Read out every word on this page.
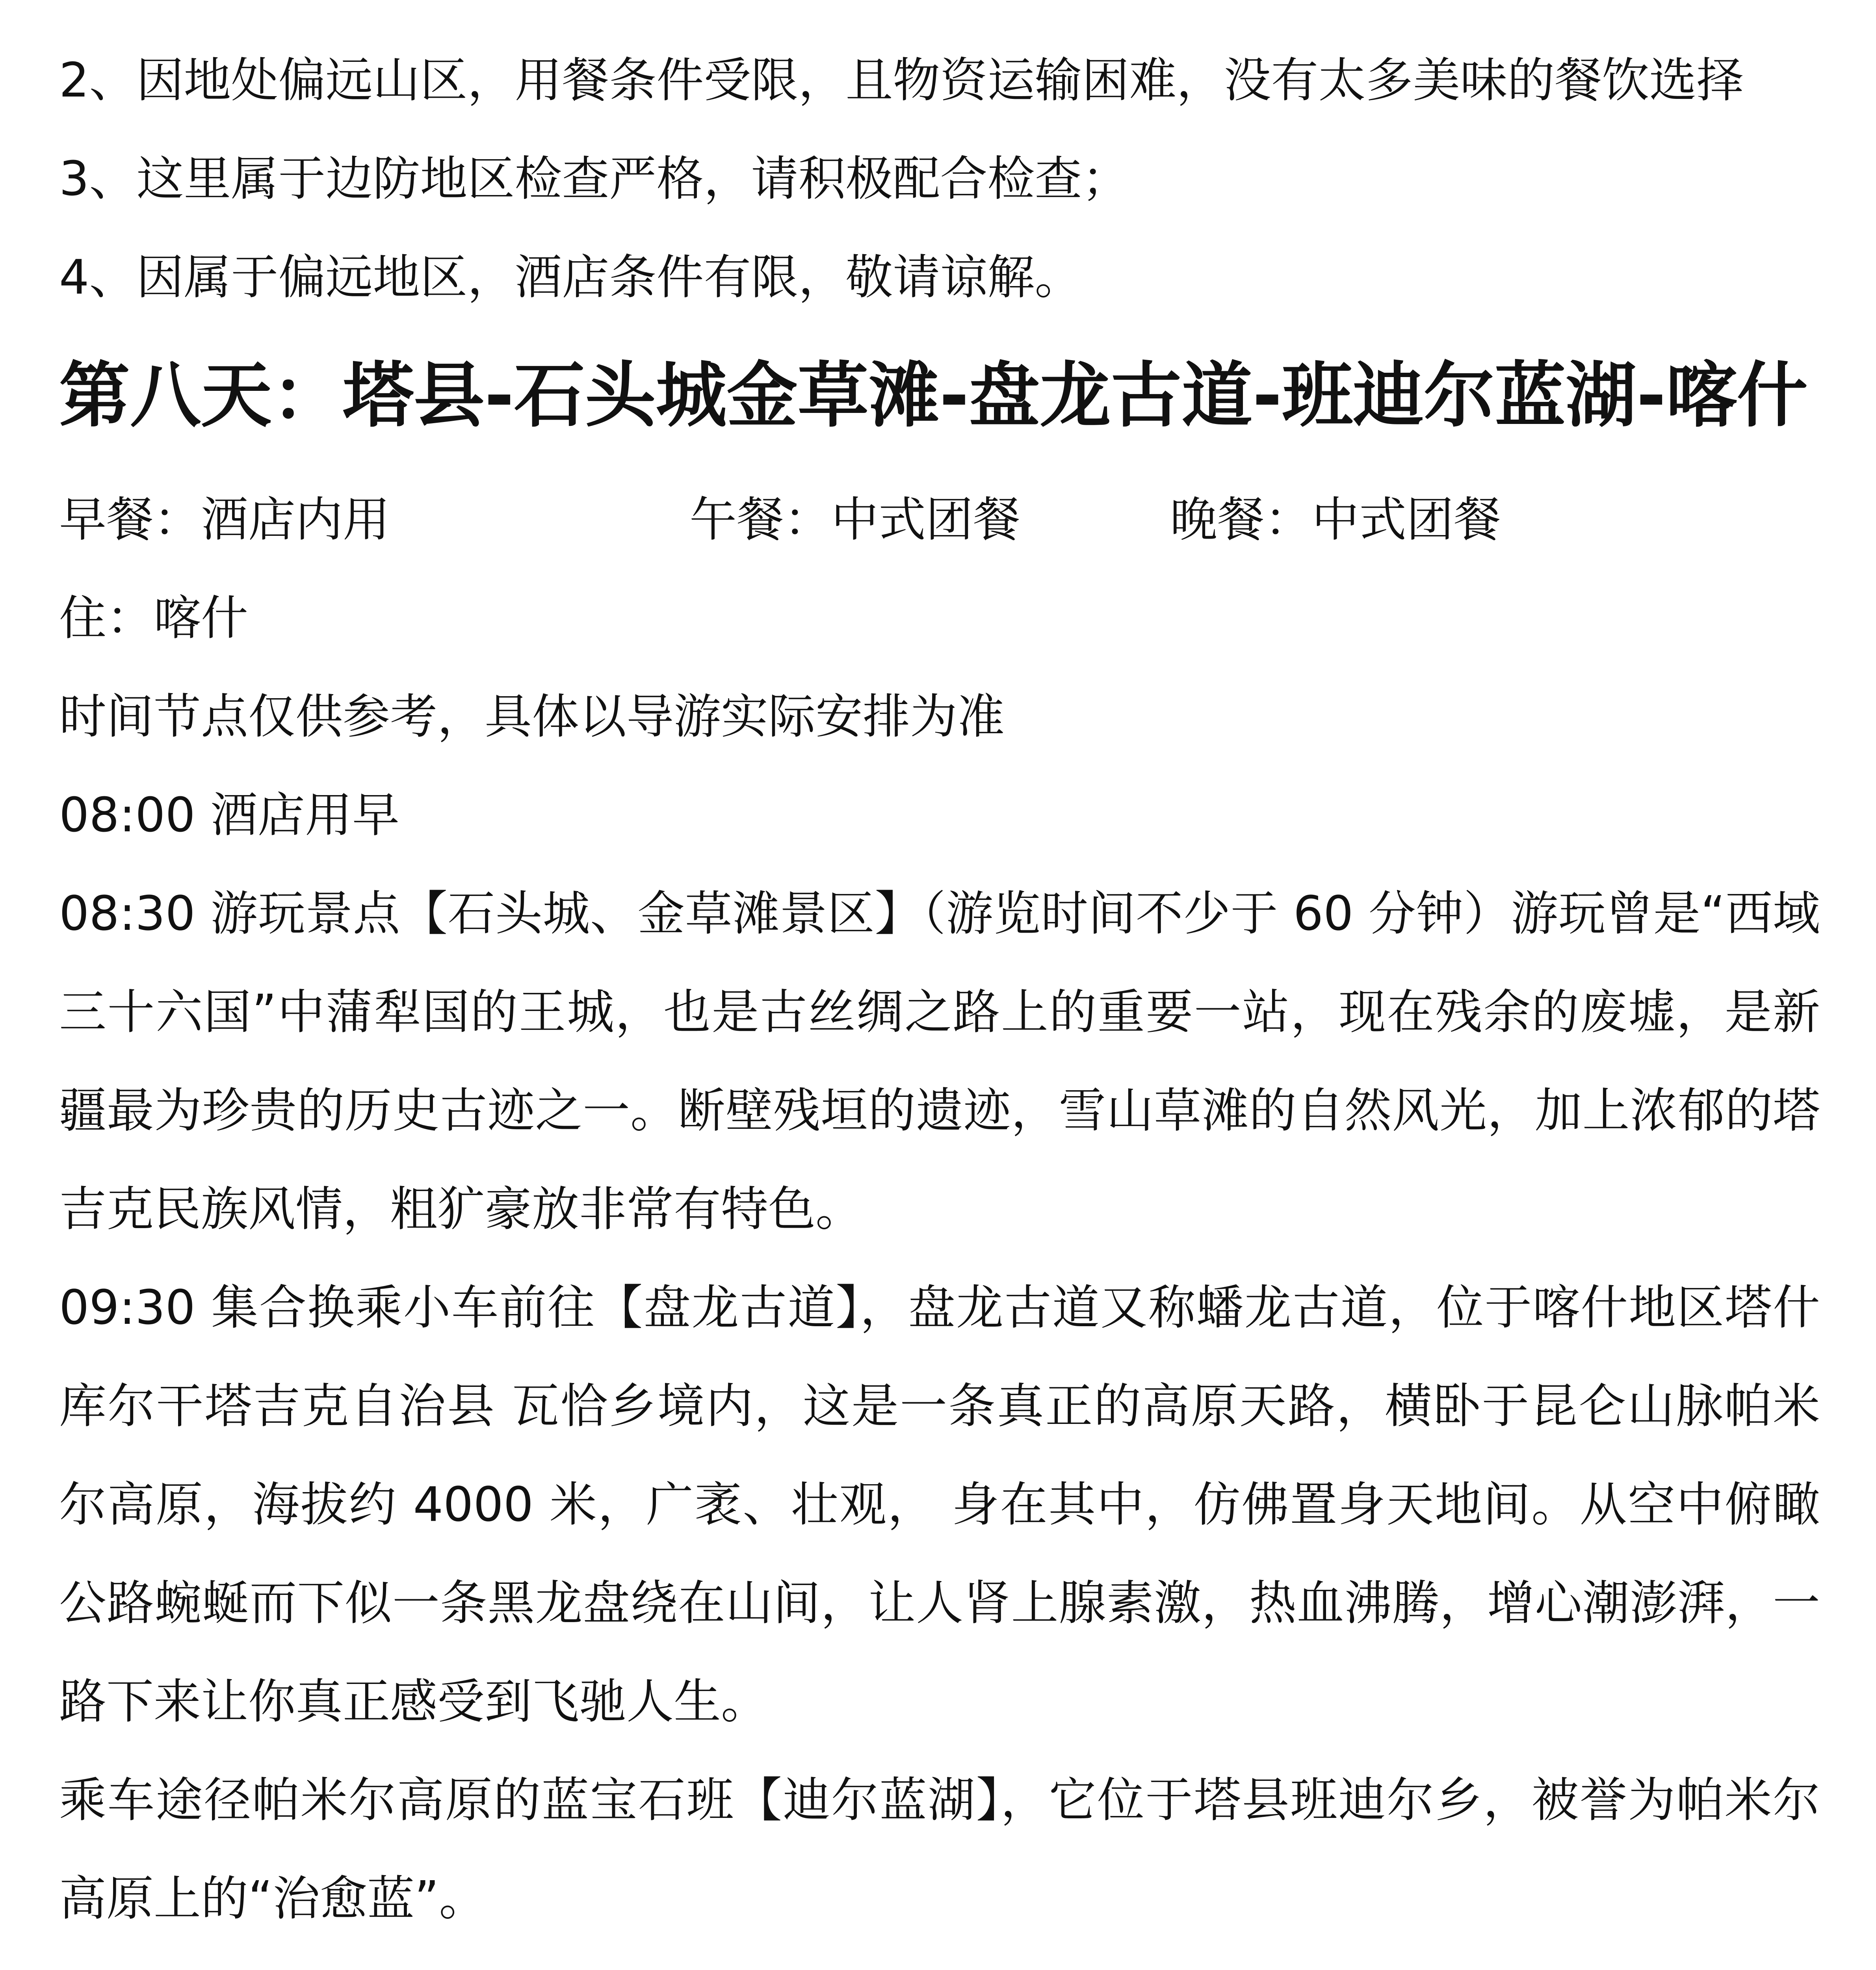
2、因地处偏远山区，用餐条件受限，且物资运输困难，没有太多美味的餐饮选择

3、这里属于边防地区检查严格，请积极配合检查；

4、因属于偏远地区，酒店条件有限，敬请谅解。

第八天：塔县-石头城金草滩-盘龙古道-班迪尔蓝湖-喀什
早餐：酒店内用	午餐：中式团餐	晚餐：中式团餐

住：喀什

时间节点仅供参考，具体以导游实际安排为准

08:00 酒店用早

08:30 游玩景点【石头城、金草滩景区】（游览时间不少于 60 分钟）游玩曾是“西域三十六国”中蒲犁国的王城，也是古丝绸之路上的重要一站，现在残余的废墟，是新疆最为珍贵的历史古迹之一。断壁残垣的遗迹，雪山草滩的自然风光，加上浓郁的塔吉克民族风情，粗犷豪放非常有特色。

09:30 集合换乘小车前往【盘龙古道】，盘龙古道又称蟠龙古道，位于喀什地区塔什库尔干塔吉克自治县 瓦恰乡境内，这是一条真正的高原天路，横卧于昆仑山脉帕米尔高原，海拔约 4000 米，广袤、壮观， 身在其中，仿佛置身天地间。从空中俯瞰公路蜿蜒而下似一条黑龙盘绕在山间，让人肾上腺素激，热血沸腾，增心潮澎湃，一路下来让你真正感受到飞驰人生。

乘车途径帕米尔高原的蓝宝石班【迪尔蓝湖】，它位于塔县班迪尔乡，被誉为帕米尔高原上的“治愈蓝”。
